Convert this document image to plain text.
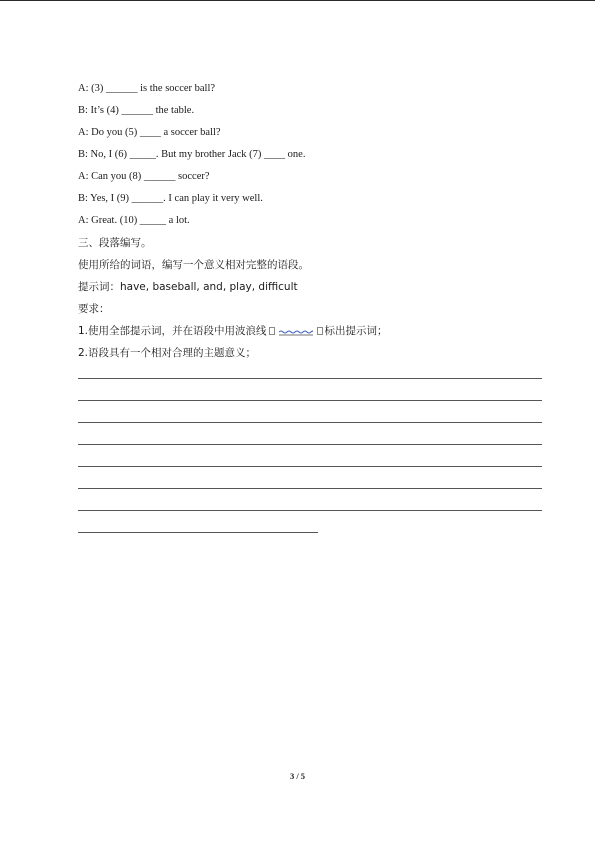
A: (3) ______ is the soccer ball?
B: It’s (4) ______ the table.
A: Do you (5) ____ a soccer ball?
B: No, I (6) _____. But my brother Jack (7) ____ one.
A: Can you (8) ______ soccer?
B: Yes, I (9) ______. I can play it very well.
A: Great. (10) _____ a lot.
三、段落编写。
使用所给的词语，编写一个意义相对完整的语段。
提示词：have, baseball, and, play, difficult
要求：
1.使用全部提示词，并在语段中用波浪线	标出提示词；
2.语段具有一个相对合理的主题意义；
3 / 5
